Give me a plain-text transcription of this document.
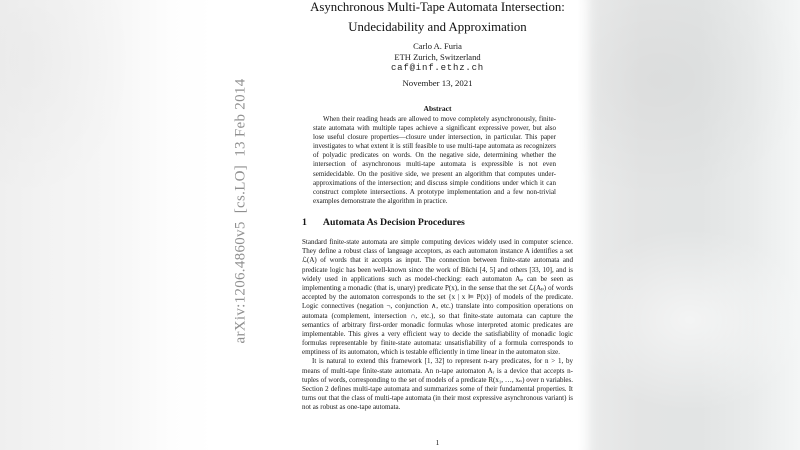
arXiv:1206.4860v5  [cs.LO]  13 Feb 2014
Asynchronous Multi-Tape Automata Intersection:
Undecidability and Approximation
Carlo A. Furia
ETH Zurich, Switzerland
caf@inf.ethz.ch
November 13, 2021
Abstract
When their reading heads are allowed to move completely asynchronously, finite-state automata with multiple tapes achieve a significant expressive power, but also lose useful closure properties—closure under intersection, in particular. This paper investigates to what extent it is still feasible to use multi-tape automata as recognizers of polyadic predicates on words. On the negative side, determining whether the intersection of asynchronous multi-tape automata is expressible is not even semidecidable. On the positive side, we present an algorithm that computes under-approximations of the intersection; and discuss simple conditions under which it can construct complete intersections. A prototype implementation and a few non-trivial examples demonstrate the algorithm in practice.
1 Automata As Decision Procedures

Standard finite-state automata are simple computing devices widely used in computer science. They define a robust class of language acceptors, as each automaton instance A identifies a set ℒ(A) of words that it accepts as input. The connection between finite-state automata and predicate logic has been well-known since the work of Büchi [4, 5] and others [33, 10], and is widely used in applications such as model-checking: each automaton Aₚ can be seen as implementing a monadic (that is, unary) predicate P(x), in the sense that the set ℒ(Aₚ) of words accepted by the automaton corresponds to the set {x | x ⊨ P(x)} of models of the predicate. Logic connectives (negation ¬, conjunction ∧, etc.) translate into composition operations on automata (complement, intersection ∩, etc.), so that finite-state automata can capture the semantics of arbitrary first-order monadic formulas whose interpreted atomic predicates are implementable. This gives a very efficient way to decide the satisfiability of monadic logic formulas representable by finite-state automata: unsatisfiability of a formula corresponds to emptiness of its automaton, which is testable efficiently in time linear in the automaton size.

It is natural to extend this framework [1, 32] to represent n-ary predicates, for n > 1, by means of multi-tape finite-state automata. An n-tape automaton Aᵣ is a device that accepts n-tuples of words, corresponding to the set of models of a predicate R(x₁, …, xₙ) over n variables. Section 2 defines multi-tape automata and summarizes some of their fundamental properties. It turns out that the class of multi-tape automata (in their most expressive asynchronous variant) is not as robust as one-tape automata.

1
